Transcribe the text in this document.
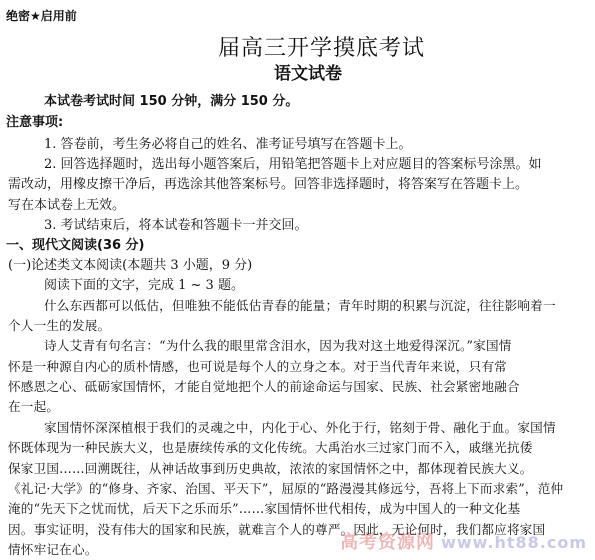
绝密★启用前
届高三开学摸底考试
语文试卷
本试卷考试时间 150 分钟，满分 150 分。
注意事项:
1. 答卷前，考生务必将自己的姓名、准考证号填写在答题卡上。
2. 回答选择题时，选出每小题答案后，用铅笔把答题卡上对应题目的答案标号涂黑。如
需改动，用橡皮擦干净后，再选涂其他答案标号。回答非选择题时，将答案写在答题卡上。
写在本试卷上无效。
3. 考试结束后，将本试卷和答题卡一并交回。
一、现代文阅读(36 分)
(一)论述类文本阅读(本题共 3 小题，9 分)
阅读下面的文字，完成 1 ~ 3 题。
什么东西都可以低估，但唯独不能低估青春的能量；青年时期的积累与沉淀，往往影响着一
个人一生的发展。
诗人艾青有句名言：“为什么我的眼里常含泪水，因为我对这土地爱得深沉。”家国情
怀是一种源自内心的质朴情感，也可说是每个人的立身之本。对于当代青年来说，只有常
怀感恩之心、砥砺家国情怀，才能自觉地把个人的前途命运与国家、民族、社会紧密地融合
在一起。
家国情怀深深植根于我们的灵魂之中，内化于心、外化于行，铭刻于骨、融化于血。家国情
怀既体现为一种民族大义，也是赓续传承的文化传统。大禹治水三过家门而不入，戚继光抗倭
保家卫国……回溯既往，从神话故事到历史典故，浓浓的家国情怀之中，都体现着民族大义。
《礼记·大学》的“修身、齐家、治国、平天下”，屈原的“路漫漫其修远兮，吾将上下而求索”，范仲
淹的“先天下之忧而忧，后天下之乐而乐”……家国情怀世代相传，成为中国人的一种文化基
因。事实证明，没有伟大的国家和民族，就难言个人的尊严。因此，无论何时，我们都应将家国
情怀牢记在心。	高考资源网 www.ht88.com
